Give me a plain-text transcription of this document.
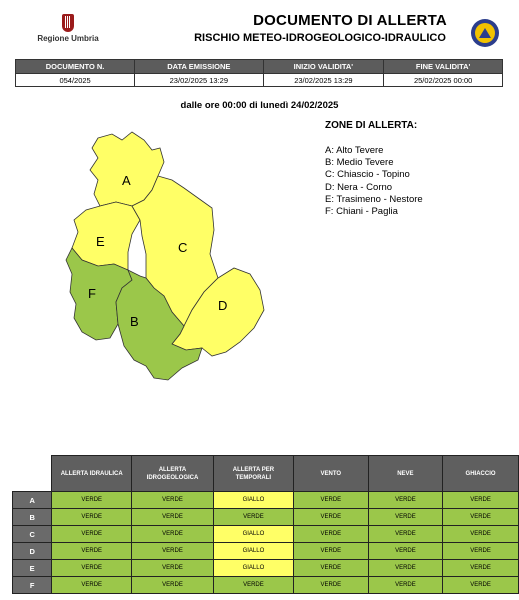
Regione Umbria
DOCUMENTO DI ALLERTA
RISCHIO METEO-IDROGEOLOGICO-IDRAULICO
DOCUMENTO N.	DATA EMISSIONE	INIZIO VALIDITA'	FINE VALIDITA'
054/2025	23/02/2025 13:29	23/02/2025 13:29	25/02/2025 00:00
dalle ore 00:00 di lunedì 24/02/2025
A
B
C
D
E
F
ZONE DI ALLERTA:
A: Alto Tevere
B: Medio Tevere
C: Chiascio - Topino
D: Nera - Corno
E: Trasimeno - Nestore
F: Chiani - Paglia
	ALLERTA IDRAULICA	ALLERTA IDROGEOLOGICA	ALLERTA PER TEMPORALI	VENTO	NEVE	GHIACCIO
A	VERDE	VERDE	GIALLO	VERDE	VERDE	VERDE
B	VERDE	VERDE	VERDE	VERDE	VERDE	VERDE
C	VERDE	VERDE	GIALLO	VERDE	VERDE	VERDE
D	VERDE	VERDE	GIALLO	VERDE	VERDE	VERDE
E	VERDE	VERDE	GIALLO	VERDE	VERDE	VERDE
F	VERDE	VERDE	VERDE	VERDE	VERDE	VERDE
